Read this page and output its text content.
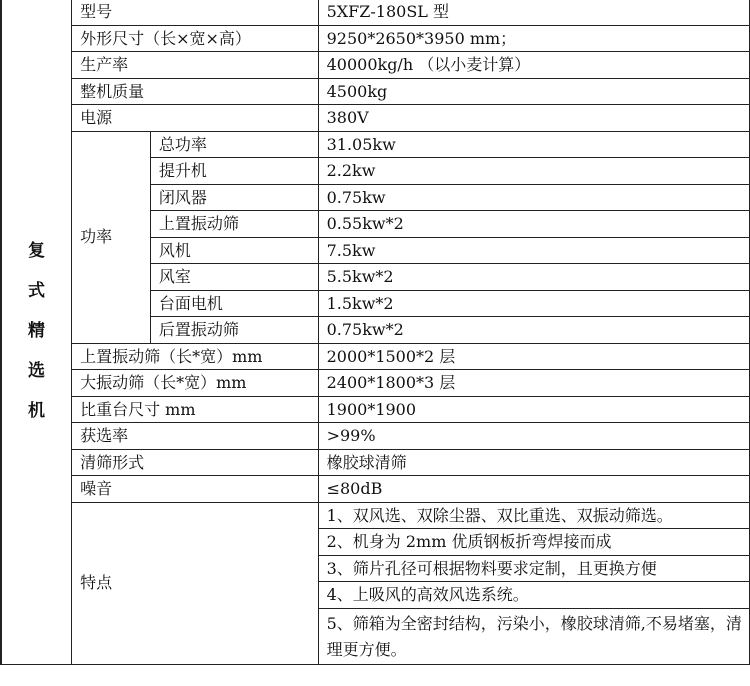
复
式
精
选
机	型号		5XFZ-180SL 型
	外形尺寸（长×宽×高）		9250*2650*3950 mm；
	生产率		40000kg/h （以小麦计算）
	整机质量		4500kg
	电源		380V
	功率	总功率	31.05kw
		提升机	2.2kw
		闭风器	0.75kw
		上置振动筛	0.55kw*2
		风机	7.5kw
		风室	5.5kw*2
		台面电机	1.5kw*2
		后置振动筛	0.75kw*2
	上置振动筛（长*宽）mm		2000*1500*2 层
	大振动筛（长*宽）mm		2400*1800*3 层
	比重台尺寸 mm		1900*1900
	获选率		>99%
	清筛形式		橡胶球清筛
	噪音		≤80dB
	特点		1、双风选、双除尘器、双比重选、双振动筛选。
			2、机身为 2mm 优质钢板折弯焊接而成
			3、筛片孔径可根据物料要求定制，且更换方便
			4、上吸风的高效风选系统。
			5、筛箱为全密封结构，污染小，橡胶球清筛,不易堵塞，清理更方便。
